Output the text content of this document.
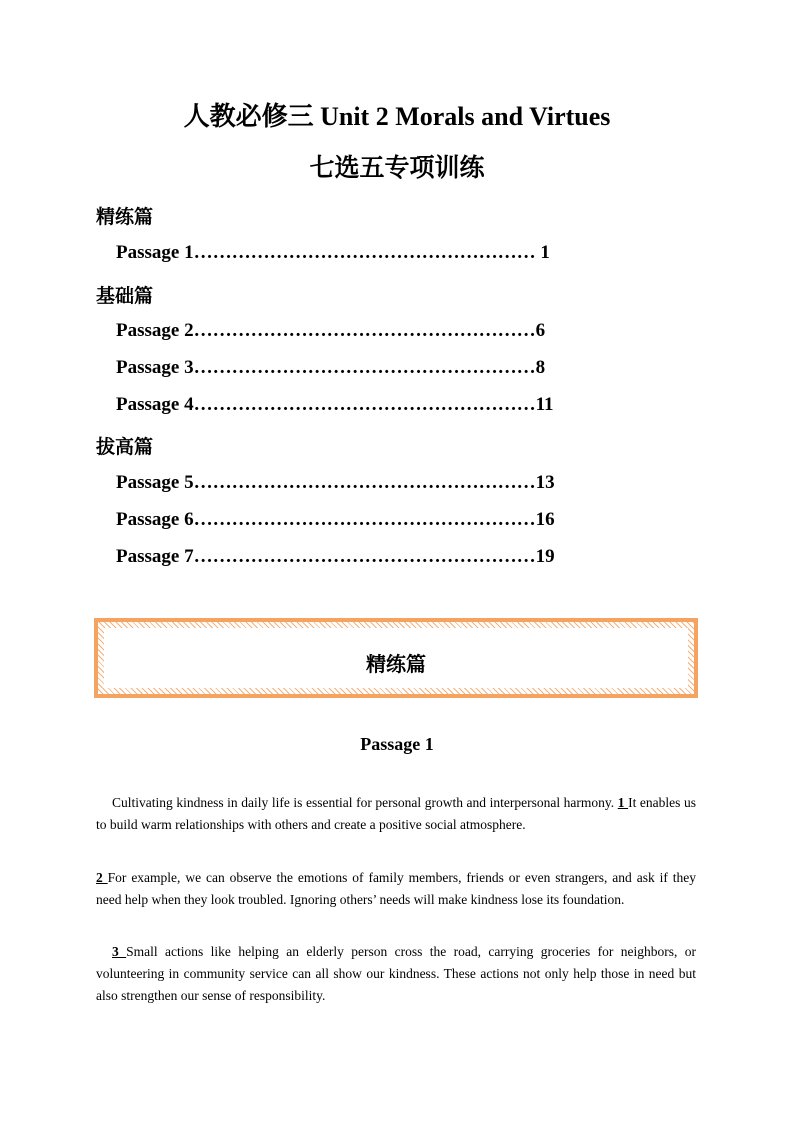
人教必修三 Unit 2 Morals and Virtues
七选五专项训练
精练篇
Passage 1……………………………………………… 1
基础篇
Passage 2………………………………………………6
Passage 3………………………………………………8
Passage 4………………………………………………11
拔高篇
Passage 5………………………………………………13
Passage 6………………………………………………16
Passage 7………………………………………………19
精练篇
Passage 1
Cultivating kindness in daily life is essential for personal growth and interpersonal harmony. 1 It enables us to build warm relationships with others and create a positive social atmosphere.
2 For example, we can observe the emotions of family members, friends or even strangers, and ask if they need help when they look troubled. Ignoring others’ needs will make kindness lose its foundation.
3 Small actions like helping an elderly person cross the road, carrying groceries for neighbors, or volunteering in community service can all show our kindness. These actions not only help those in need but also strengthen our sense of responsibility.
